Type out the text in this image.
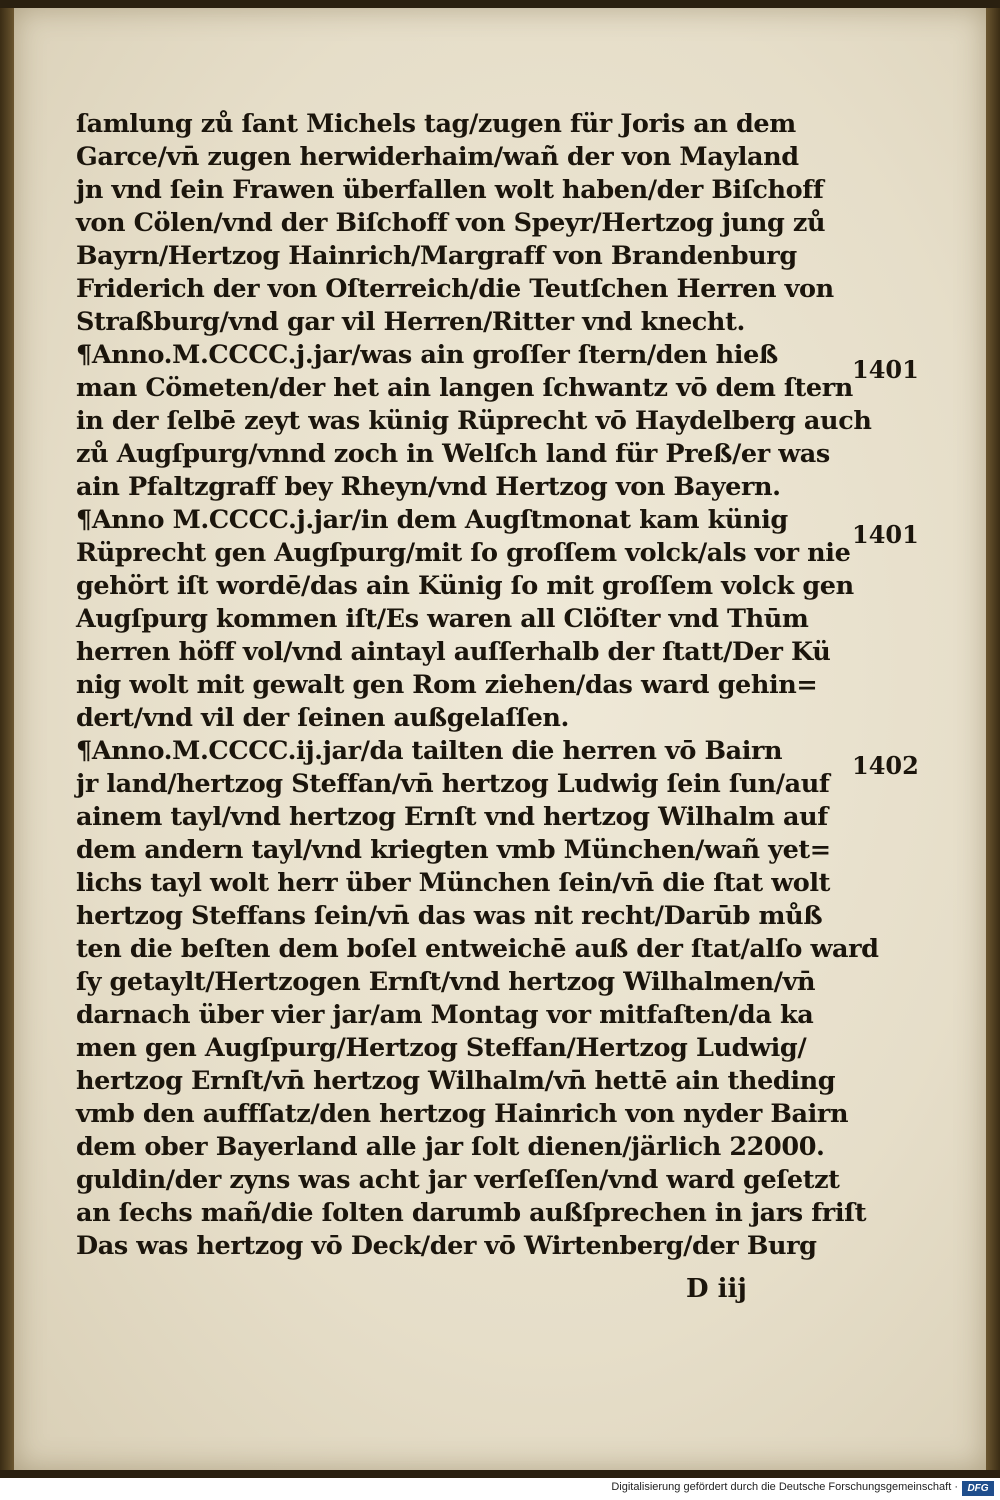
ſamlung zů ſant Michels tag/zugen für Joris an dem
Garce/vn̄ zugen herwiderhaim/wañ der von Mayland
jn vnd ſein Frawen überfallen wolt haben/der Biſchoff
von Cölen/vnd der Biſchoff von Speyr/Hertzog jung zů
Bayrn/Hertzog Hainrich/Margraff von Brandenburg
Friderich der von Oſterreich/die Teutſchen Herren von
Straßburg/vnd gar vil Herren/Ritter vnd knecht.
¶Anno.M.CCCC.j.jar/was ain groſſer ſtern/den hieß
man Cömeten/der het ain langen ſchwantz vō dem ſtern
in der ſelbē zeyt was künig Rüprecht vō Haydelberg auch
zů Augſpurg/vnnd zoch in Welſch land für Preß/er was
ain Pfaltzgraff bey Rheyn/vnd Hertzog von Bayern.
¶Anno M.CCCC.j.jar/in dem Augſtmonat kam künig
Rüprecht gen Augſpurg/mit ſo groſſem volck/als vor nie
gehört iſt wordē/das ain Künig ſo mit groſſem volck gen
Augſpurg kommen iſt/Es waren all Clöſter vnd Thūm
herren höff vol/vnd aintayl auſſerhalb der ſtatt/Der Kü
nig wolt mit gewalt gen Rom ziehen/das ward gehin=
dert/vnd vil der ſeinen außgelaſſen.
¶Anno.M.CCCC.ij.jar/da tailten die herren vō Bairn
jr land/hertzog Steffan/vn̄ hertzog Ludwig ſein ſun/auf
ainem tayl/vnd hertzog Ernſt vnd hertzog Wilhalm auf
dem andern tayl/vnd kriegten vmb München/wañ yet=
lichs tayl wolt herr über München ſein/vn̄ die ſtat wolt
hertzog Steffans ſein/vn̄ das was nit recht/Darūb můß
ten die beſten dem boſel entweichē auß der ſtat/alſo ward
ſy getaylt/Hertzogen Ernſt/vnd hertzog Wilhalmen/vn̄
darnach über vier jar/am Montag vor mitfaſten/da ka
men gen Augſpurg/Hertzog Steffan/Hertzog Ludwig/
hertzog Ernſt/vn̄ hertzog Wilhalm/vn̄ hettē ain theding
vmb den auffſatz/den hertzog Hainrich von nyder Bairn
dem ober Bayerland alle jar ſolt dienen/järlich 22000.
guldin/der zyns was acht jar verſeſſen/vnd ward geſetzt
an ſechs mañ/die ſolten darumb außſprechen in jars friſt
Das was hertzog vō Deck/der vō Wirtenberg/der Burg
1401
1401
1402
D iij
Digitalisierung gefördert durch die Deutsche Forschungsgemeinschaft · DFG
